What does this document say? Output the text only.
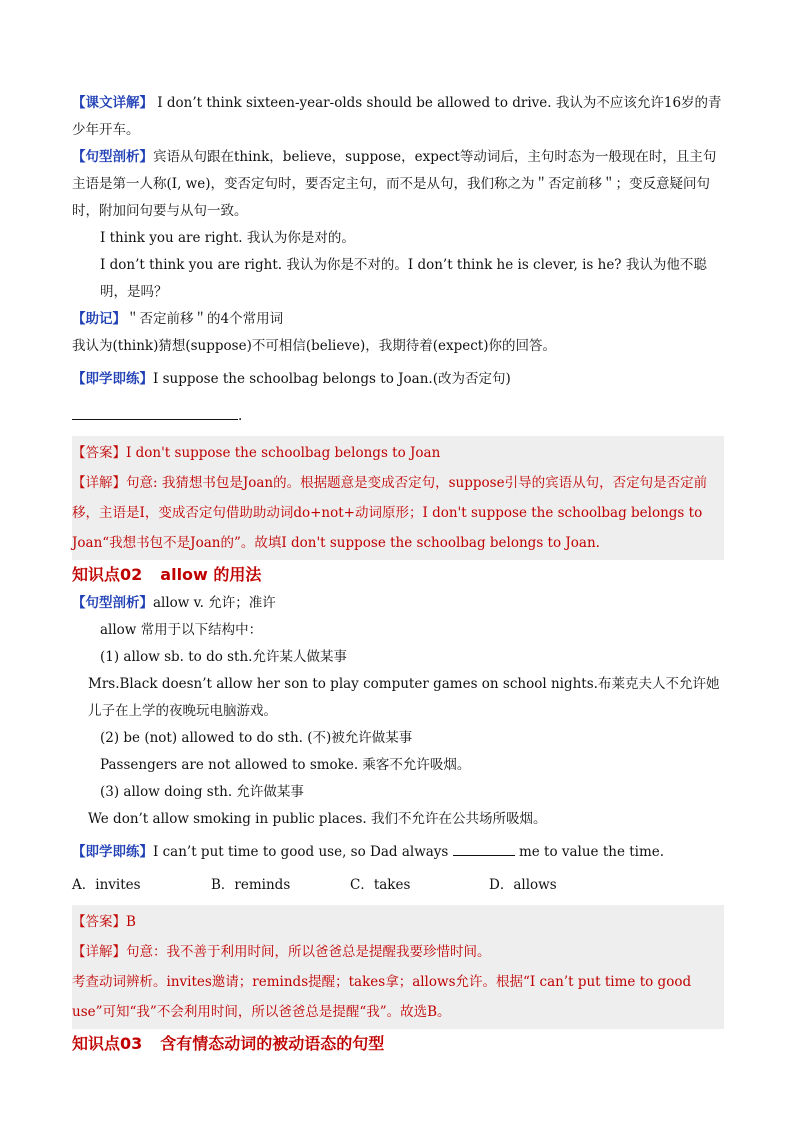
【课文详解】 I don’t think sixteen-year-olds should be allowed to drive. 我认为不应该允许16岁的青少年开车。

【句型剖析】宾语从句跟在think，believe，suppose，expect等动词后，主句时态为一般现在时，且主句主语是第一人称(I, we)，变否定句时，要否定主句，而不是从句，我们称之为＂否定前移＂；变反意疑问句时，附加问句要与从句一致。

I think you are right. 我认为你是对的。

I don’t think you are right. 我认为你是不对的。I don’t think he is clever, is he? 我认为他不聪明，是吗？

【助记】＂否定前移＂的4个常用词

我认为(think)猜想(suppose)不可相信(believe)，我期待着(expect)你的回答。

【即学即练】I suppose the schoolbag belongs to Joan.(改为否定句)

.

【答案】I don't suppose the schoolbag belongs to Joan

【详解】句意: 我猜想书包是Joan的。根据题意是变成否定句，suppose引导的宾语从句，否定句是否定前移，主语是I，变成否定句借助助动词do+not+动词原形；I don't suppose the schoolbag belongs to Joan“我想书包不是Joan的”。故填I don't suppose the schoolbag belongs to Joan.

知识点02 allow 的用法

【句型剖析】allow v. 允许；准许

allow 常用于以下结构中：

(1) allow sb. to do sth.允许某人做某事

Mrs.Black doesn’t allow her son to play computer games on school nights.布莱克夫人不允许她儿子在上学的夜晚玩电脑游戏。

(2) be (not) allowed to do sth. (不)被允许做某事

Passengers are not allowed to smoke. 乘客不允许吸烟。

(3) allow doing sth. 允许做某事

We don’t allow smoking in public places. 我们不允许在公共场所吸烟。

【即学即练】I can’t put time to good use, so Dad always	me to value the time.

A．invites	B．reminds	C．takes	D．allows

【答案】B

【详解】句意：我不善于利用时间，所以爸爸总是提醒我要珍惜时间。

考查动词辨析。invites邀请；reminds提醒；takes拿；allows允许。根据“I can’t put time to good use”可知“我”不会利用时间，所以爸爸总是提醒“我”。故选B。

知识点03 含有情态动词的被动语态的句型
